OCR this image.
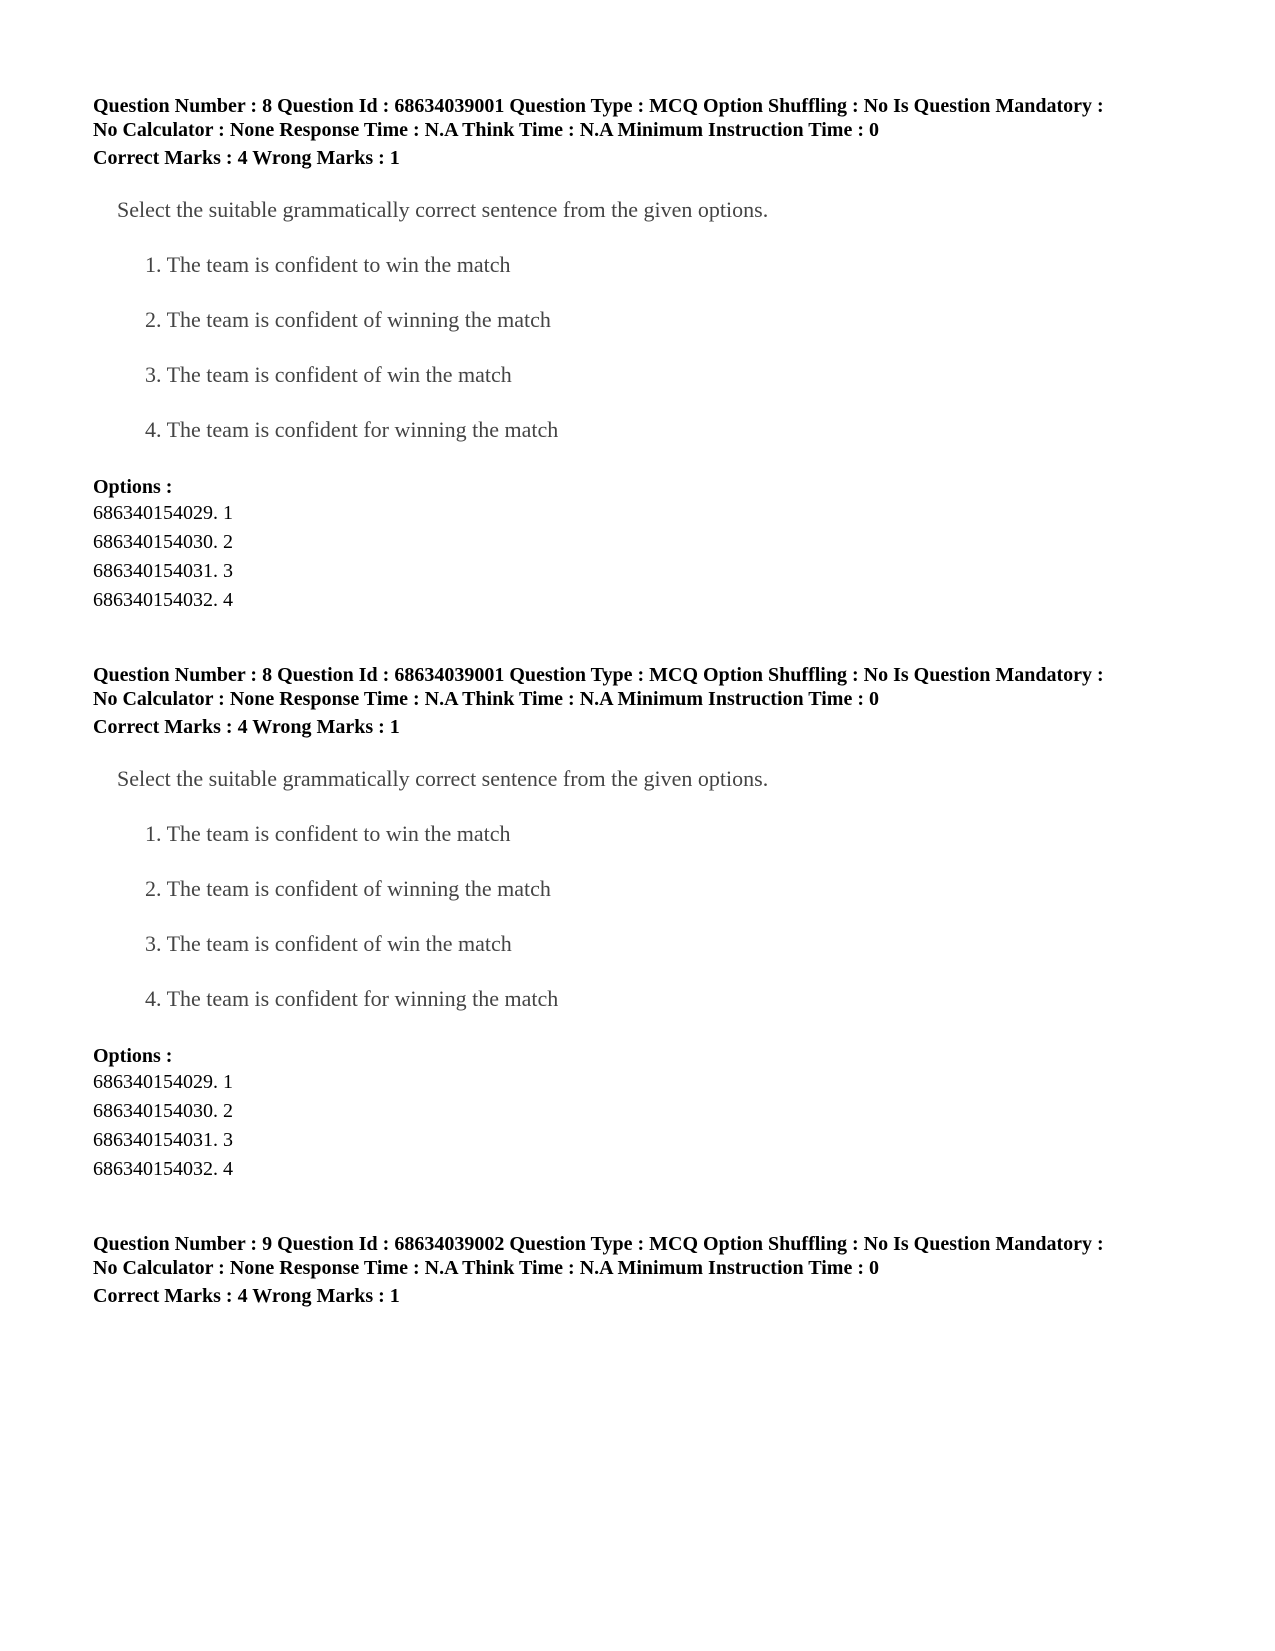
Question Number : 8 Question Id : 68634039001 Question Type : MCQ Option Shuffling : No Is Question Mandatory :

No Calculator : None Response Time : N.A Think Time : N.A Minimum Instruction Time : 0

Correct Marks : 4 Wrong Marks : 1
Select the suitable grammatically correct sentence from the given options.
1. The team is confident to win the match
2. The team is confident of winning the match
3. The team is confident of win the match
4. The team is confident for winning the match
Options :
686340154029. 1
686340154030. 2
686340154031. 3
686340154032. 4

Question Number : 8 Question Id : 68634039001 Question Type : MCQ Option Shuffling : No Is Question Mandatory :

No Calculator : None Response Time : N.A Think Time : N.A Minimum Instruction Time : 0

Correct Marks : 4 Wrong Marks : 1
Select the suitable grammatically correct sentence from the given options.
1. The team is confident to win the match
2. The team is confident of winning the match
3. The team is confident of win the match
4. The team is confident for winning the match
Options :
686340154029. 1
686340154030. 2
686340154031. 3
686340154032. 4

Question Number : 9 Question Id : 68634039002 Question Type : MCQ Option Shuffling : No Is Question Mandatory :

No Calculator : None Response Time : N.A Think Time : N.A Minimum Instruction Time : 0

Correct Marks : 4 Wrong Marks : 1
